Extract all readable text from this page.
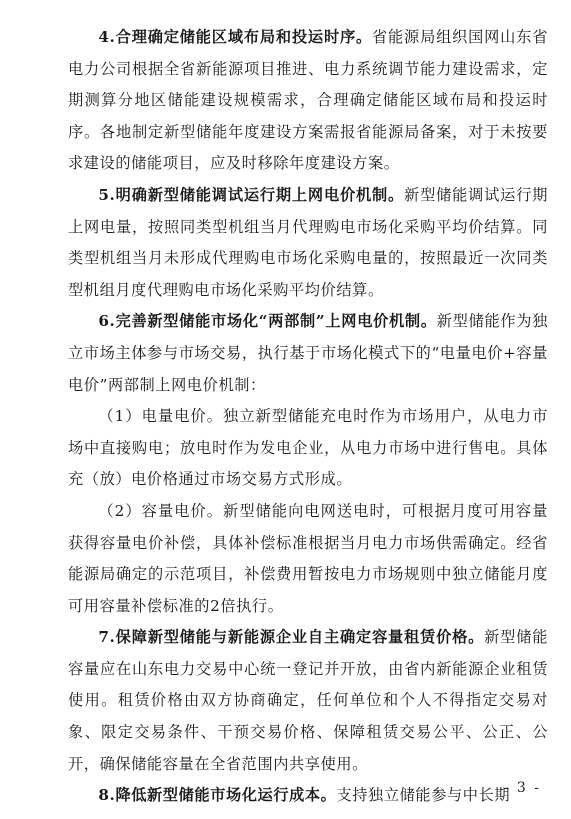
4.合理确定储能区域布局和投运时序。省能源局组织国网山东省电力公司根据全省新能源项目推进、电力系统调节能力建设需求，定期测算分地区储能建设规模需求，合理确定储能区域布局和投运时序。各地制定新型储能年度建设方案需报省能源局备案，对于未按要求建设的储能项目，应及时移除年度建设方案。

5.明确新型储能调试运行期上网电价机制。新型储能调试运行期上网电量，按照同类型机组当月代理购电市场化采购平均价结算。同类型机组当月未形成代理购电市场化采购电量的，按照最近一次同类型机组月度代理购电市场化采购平均价结算。

6.完善新型储能市场化“两部制”上网电价机制。新型储能作为独立市场主体参与市场交易，执行基于市场化模式下的“电量电价+容量电价”两部制上网电价机制：

（1）电量电价。独立新型储能充电时作为市场用户，从电力市场中直接购电；放电时作为发电企业，从电力市场中进行售电。具体充（放）电价格通过市场交易方式形成。

（2）容量电价。新型储能向电网送电时，可根据月度可用容量获得容量电价补偿，具体补偿标准根据当月电力市场供需确定。经省能源局确定的示范项目，补偿费用暂按电力市场规则中独立储能月度可用容量补偿标准的2倍执行。

7.保障新型储能与新能源企业自主确定容量租赁价格。新型储能容量应在山东电力交易中心统一登记并开放，由省内新能源企业租赁使用。租赁价格由双方协商确定，任何单位和个人不得指定交易对象、限定交易条件、干预交易价格、保障租赁交易公平、公正、公开，确保储能容量在全省范围内共享使用。

8.降低新型储能市场化运行成本。支持独立储能参与中长期

- 3 -
